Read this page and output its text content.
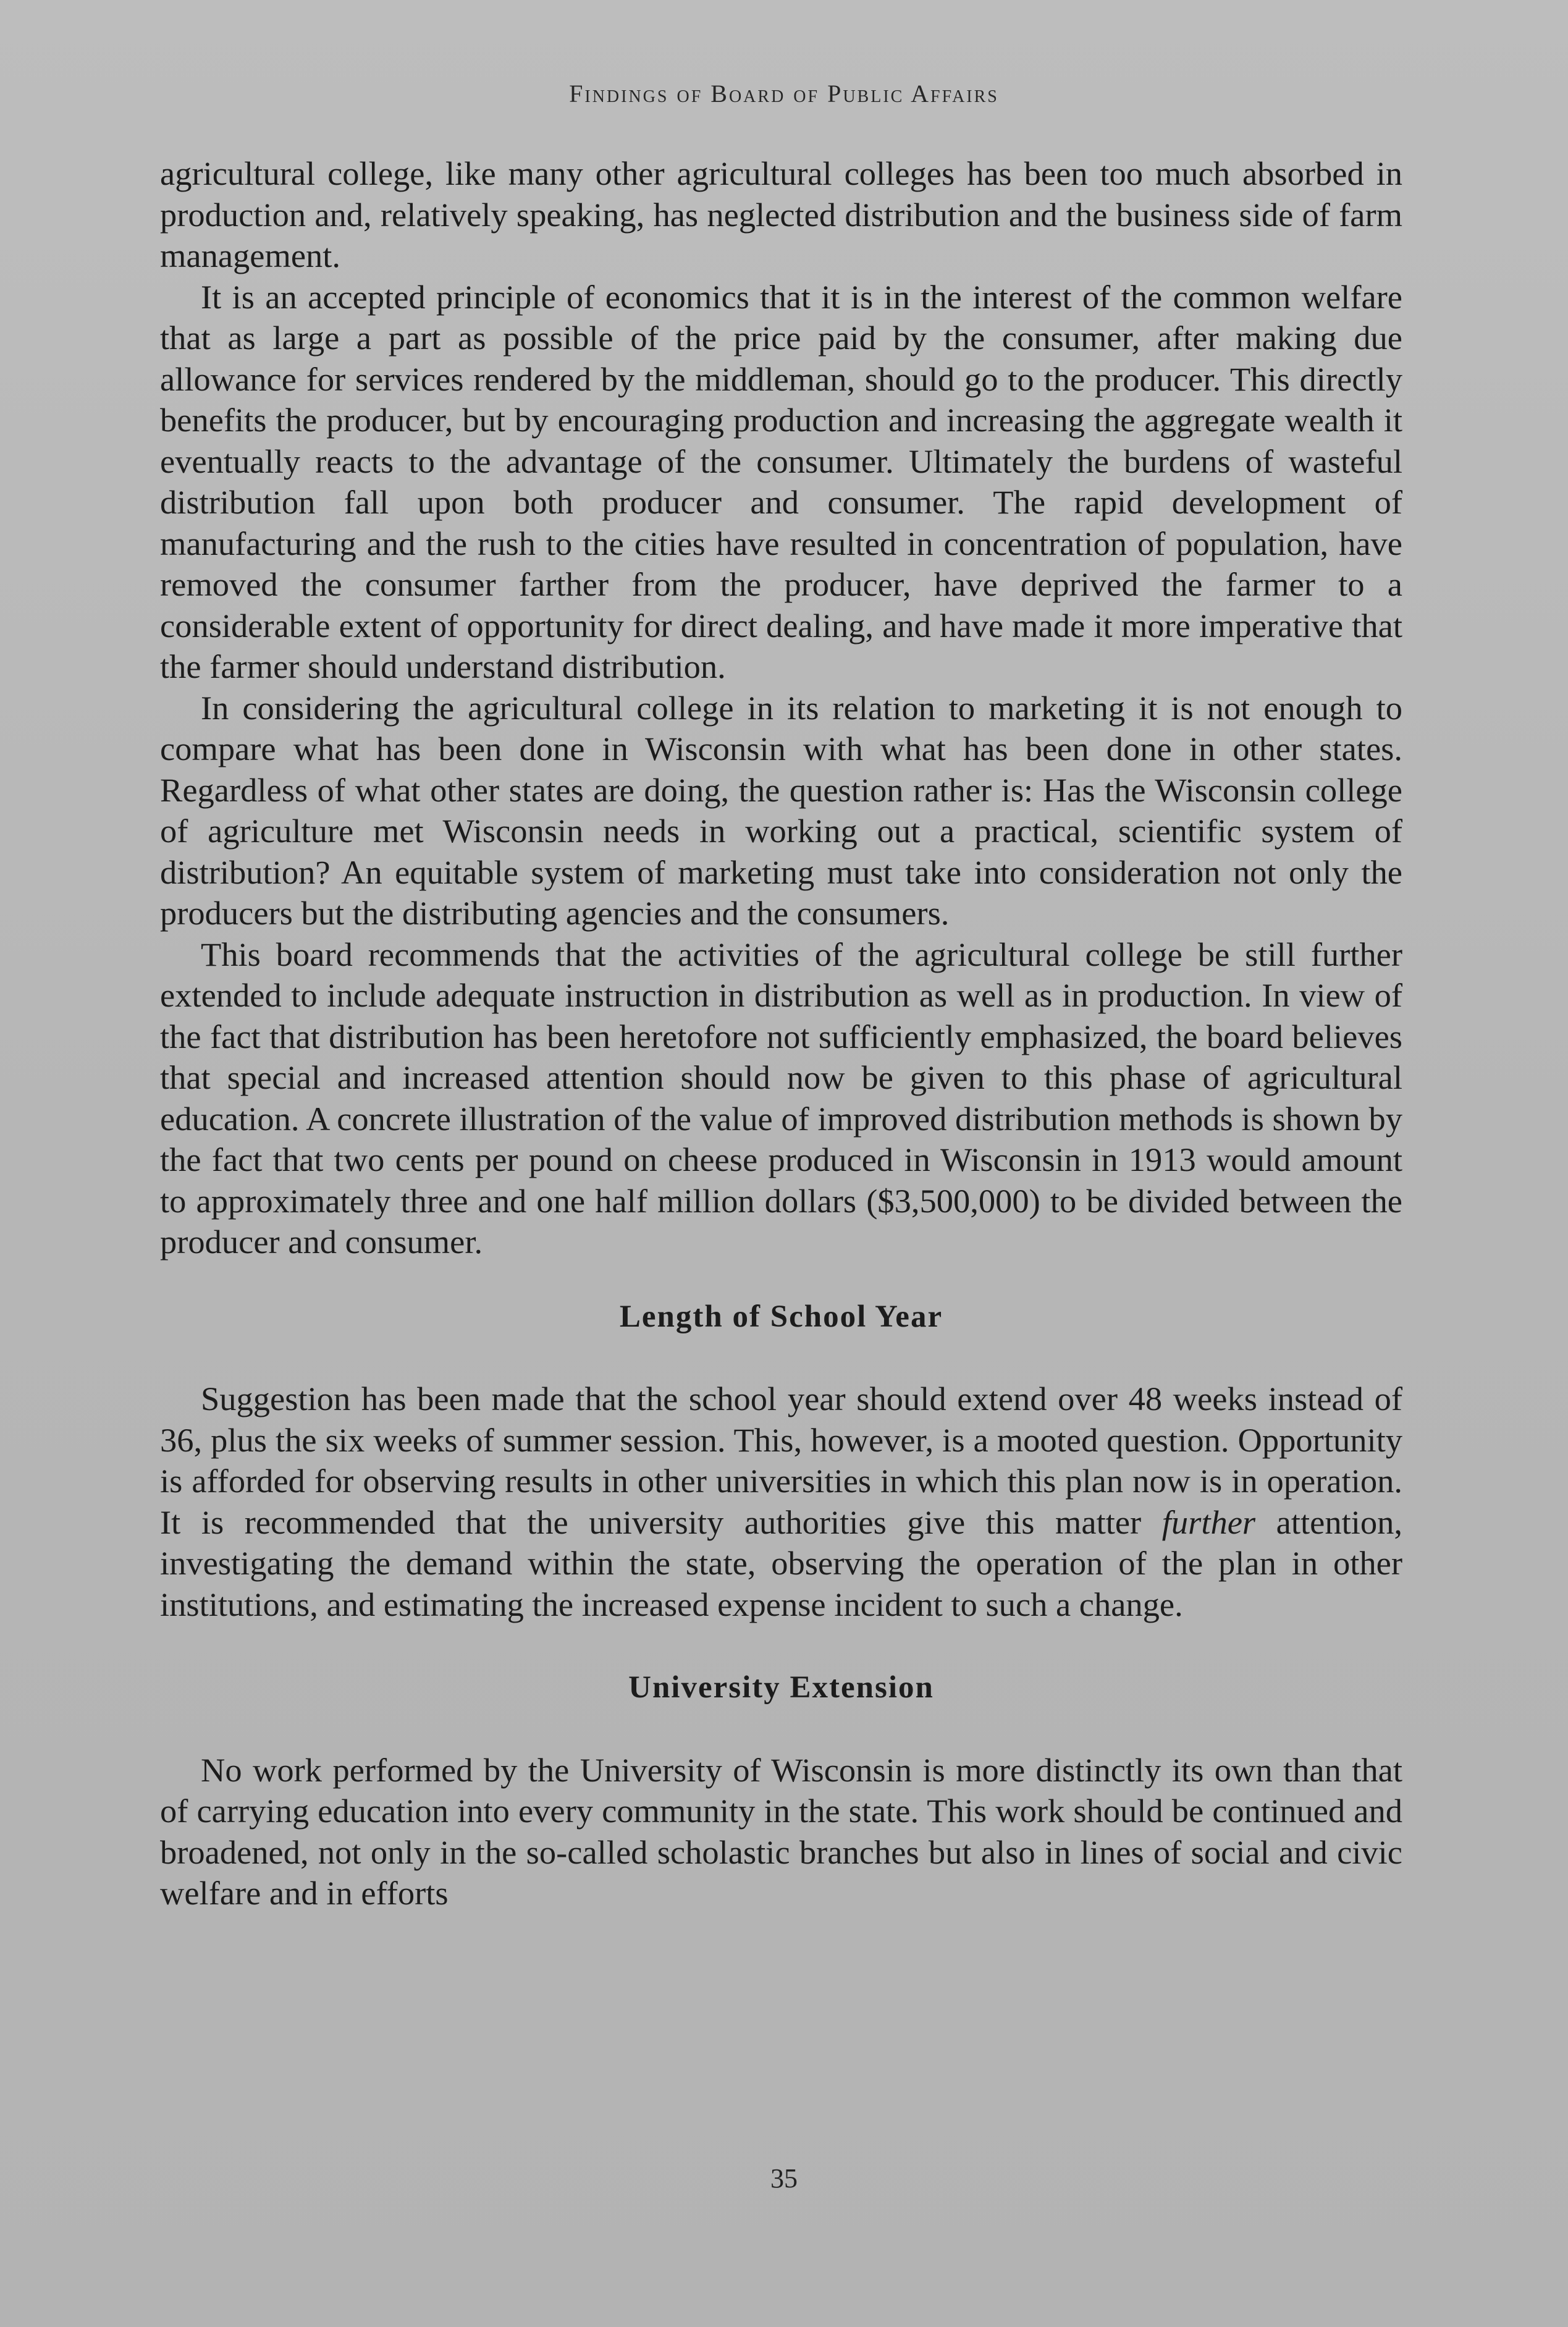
Findings of Board of Public Affairs

agricultural college, like many other agricultural colleges has been too much absorbed in production and, relatively speaking, has neglected distribution and the business side of farm management.

It is an accepted principle of economics that it is in the interest of the common welfare that as large a part as possible of the price paid by the consumer, after making due allowance for services rendered by the middleman, should go to the producer. This directly benefits the producer, but by encouraging production and increasing the aggregate wealth it eventually reacts to the advantage of the consumer. Ultimately the burdens of wasteful distribution fall upon both producer and consumer. The rapid development of manufacturing and the rush to the cities have resulted in concentration of population, have removed the consumer farther from the producer, have deprived the farmer to a considerable extent of opportunity for direct dealing, and have made it more imperative that the farmer should understand distribution.

In considering the agricultural college in its relation to marketing it is not enough to compare what has been done in Wisconsin with what has been done in other states. Regardless of what other states are doing, the question rather is: Has the Wisconsin college of agriculture met Wisconsin needs in working out a practical, scientific system of distribution? An equitable system of marketing must take into consideration not only the producers but the distributing agencies and the consumers.

This board recommends that the activities of the agricultural college be still further extended to include adequate instruction in distribution as well as in production. In view of the fact that distribution has been heretofore not sufficiently emphasized, the board believes that special and increased attention should now be given to this phase of agricultural education. A concrete illustration of the value of improved distribution methods is shown by the fact that two cents per pound on cheese produced in Wisconsin in 1913 would amount to approximately three and one half million dollars ($3,500,000) to be divided between the producer and consumer.

Length of School Year

Suggestion has been made that the school year should extend over 48 weeks instead of 36, plus the six weeks of summer session. This, however, is a mooted question. Opportunity is afforded for observing results in other universities in which this plan now is in operation. It is recommended that the university authorities give this matter further attention, investigating the demand within the state, observing the operation of the plan in other institutions, and estimating the increased expense incident to such a change.

University Extension

No work performed by the University of Wisconsin is more distinctly its own than that of carrying education into every community in the state. This work should be continued and broadened, not only in the so-called scholastic branches but also in lines of social and civic welfare and in efforts

35
